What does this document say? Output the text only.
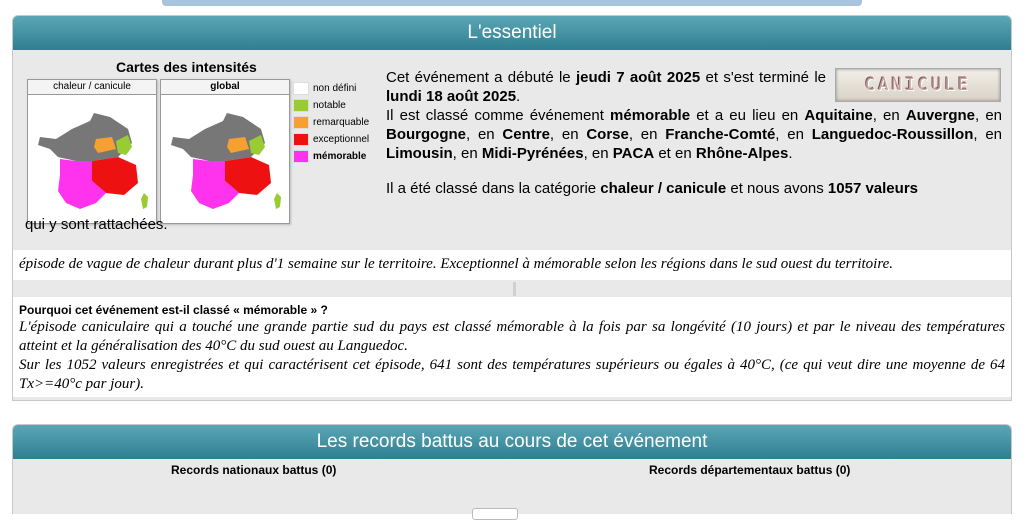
L'essentiel
Cartes des intensités
chaleur / canicule	global	non défini
notable
remarquable
exceptionnel
mémorable
qui y sont rattachées.
CANICULE

Cet événement a débuté le jeudi 7 août 2025 et s'est terminé le lundi 18 août 2025.

Il est classé comme événement mémorable et a eu lieu en Aquitaine, en Auvergne, en Bourgogne, en Centre, en Corse, en Franche-Comté, en Languedoc-Roussillon, en Limousin, en Midi-Pyrénées, en PACA et en Rhône-Alpes.

Il a été classé dans la catégorie chaleur / canicule et nous avons 1057 valeurs

épisode de vague de chaleur durant plus d'1 semaine sur le territoire. Exceptionnel à mémorable selon les régions dans le sud ouest du territoire.
Pourquoi cet événement est-il classé « mémorable » ?

L'épisode caniculaire qui a touché une grande partie sud du pays est classé mémorable à la fois par sa longévité (10 jours) et par le niveau des températures atteint et la généralisation des 40°C du sud ouest au Languedoc.

Sur les 1052 valeurs enregistrées et qui caractérisent cet épisode, 641 sont des températures supérieurs ou égales à 40°C, (ce qui veut dire une moyenne de 64 Tx>=40°c par jour).

Les records battus au cours de cet événement
Records nationaux battus (0)	Records départementaux battus (0)
